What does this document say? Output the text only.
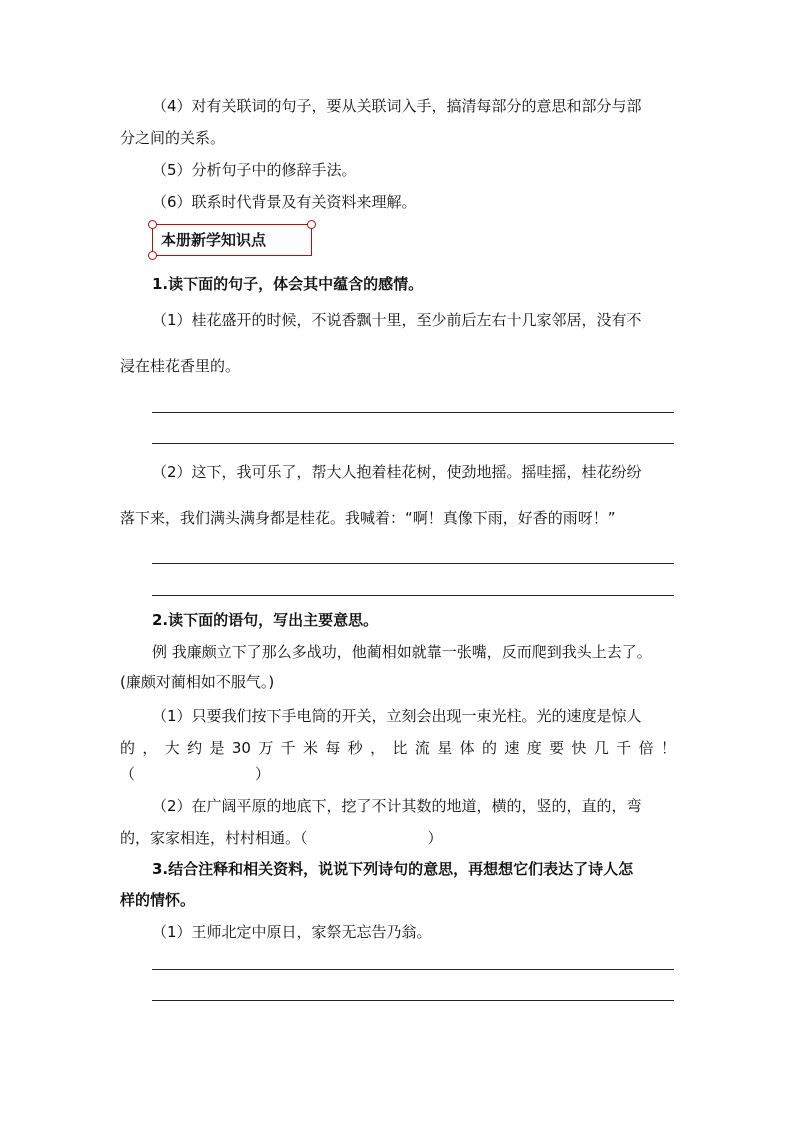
（4）对有关联词的句子，要从关联词入手，搞清每部分的意思和部分与部
分之间的关系。
（5）分析句子中的修辞手法。
（6）联系时代背景及有关资料来理解。
本册新学知识点
1.读下面的句子，体会其中蕴含的感情。
（1）桂花盛开的时候，不说香飘十里，至少前后左右十几家邻居，没有不
浸在桂花香里的。
（2）这下，我可乐了，帮大人抱着桂花树，使劲地摇。摇哇摇，桂花纷纷
落下来，我们满头满身都是桂花。我喊着：“啊！真像下雨，好香的雨呀！”
2.读下面的语句，写出主要意思。
例 我廉颇立下了那么多战功，他蔺相如就靠一张嘴，反而爬到我头上去了。
(廉颇对蔺相如不服气。)
（1）只要我们按下手电筒的开关，立刻会出现一束光柱。光的速度是惊人
的，大约是30万千米每秒，比流星体的速度要快几千倍！
（	）
（2）在广阔平原的地底下，挖了不计其数的地道，横的，竖的，直的，弯
的，家家相连，村村相通。（	）
3.结合注释和相关资料，说说下列诗句的意思，再想想它们表达了诗人怎
样的情怀。
（1）王师北定中原日，家祭无忘告乃翁。
